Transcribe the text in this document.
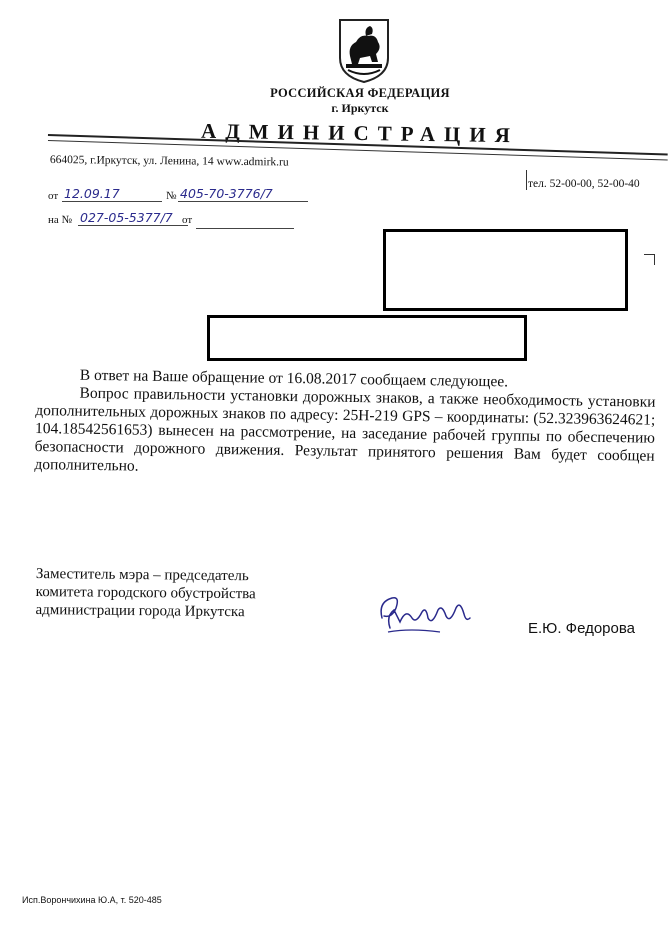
РОССИЙСКАЯ ФЕДЕРАЦИЯ
г. Иркутск
АДМИНИСТРАЦИЯ
664025, г.Иркутск, ул. Ленина, 14 www.admirk.ru
тел. 52-00-00, 52-00-40
от 12.09.17	№ 405-70-3776/7
на № 027-05-5377/7 от
В ответ на Ваше обращение от 16.08.2017 сообщаем следующее.
Вопрос правильности установки дорожных знаков, а также необходимость установки дополнительных дорожных знаков по адресу: 25Н-219 GPS – координаты: (52.323963624621; 104.18542561653) вынесен на рассмотрение, на заседание рабочей группы по обеспечению безопасности дорожного движения. Результат принятого решения Вам будет сообщен дополнительно.
Заместитель мэра – председатель
комитета городского обустройства
администрации города Иркутска
Е.Ю. Федорова
Исп.Ворончихина Ю.А, т. 520-485
